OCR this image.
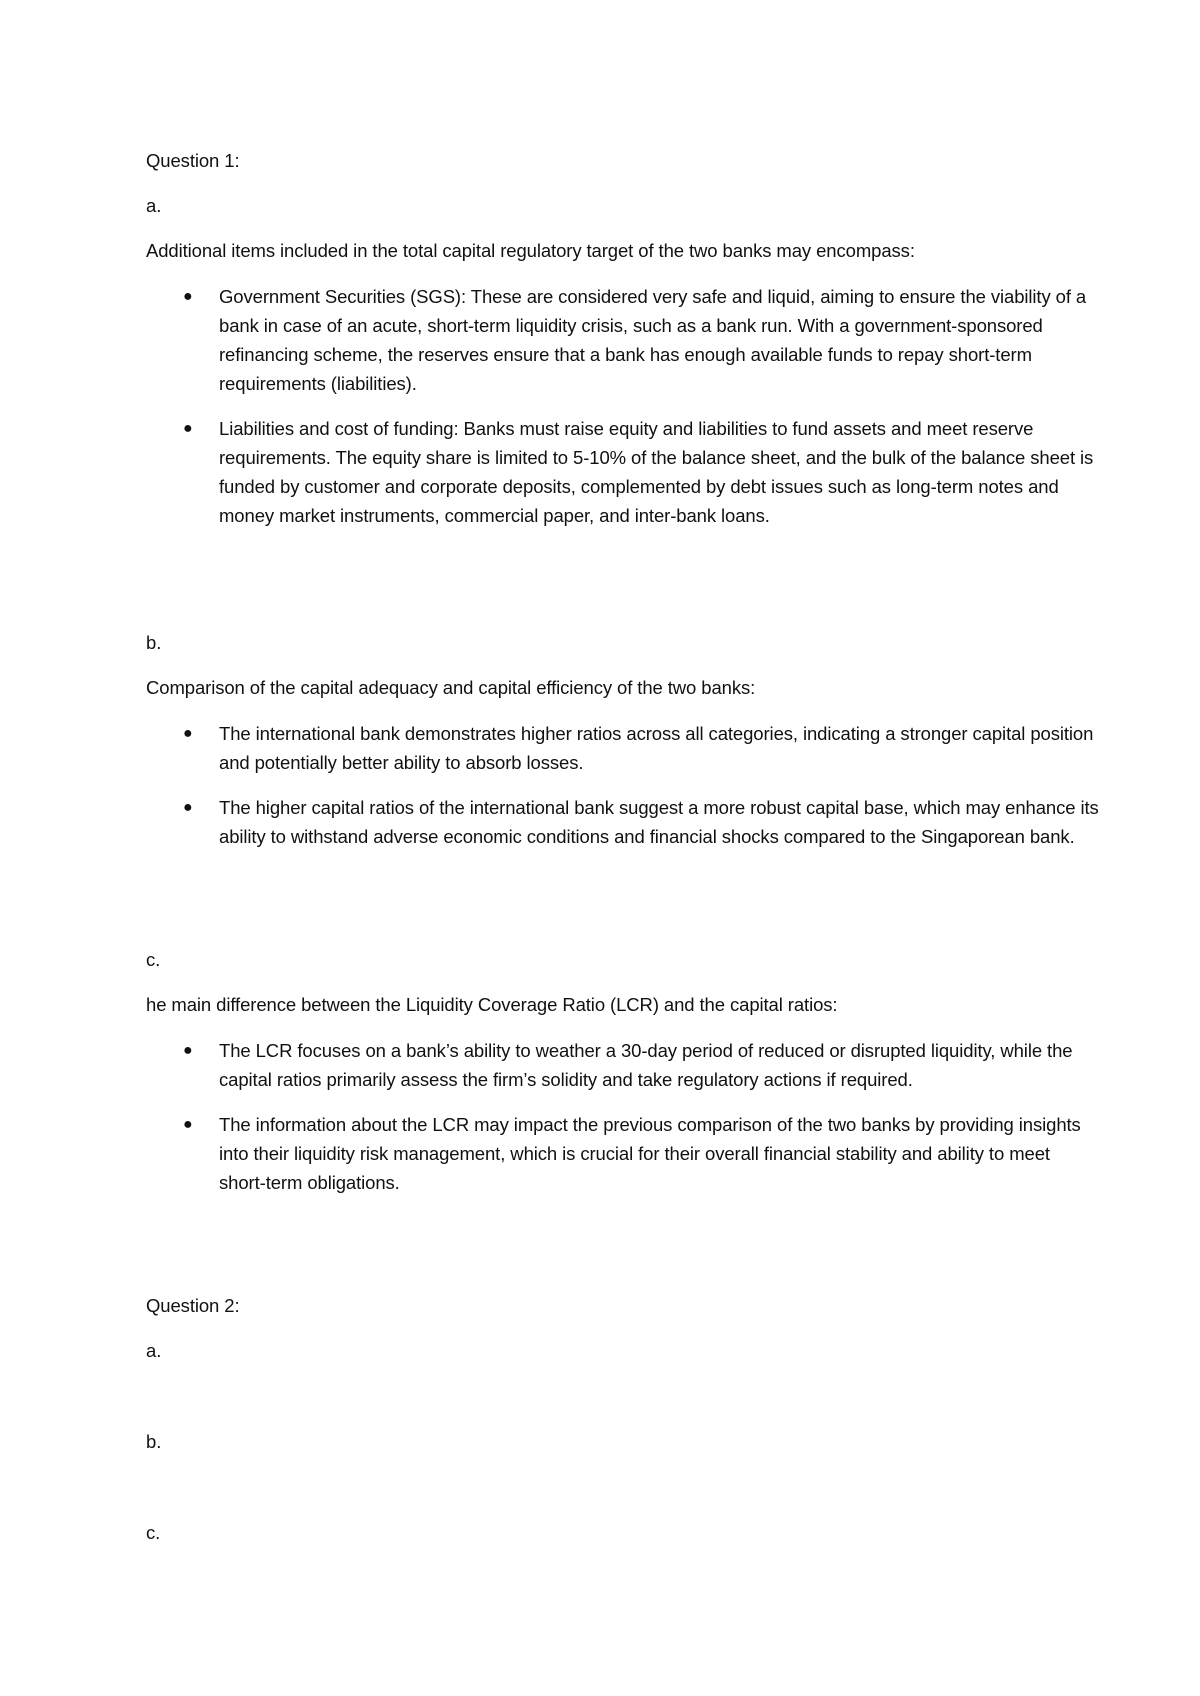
Question 1:
a.
Additional items included in the total capital regulatory target of the two banks may encompass:
● Government Securities (SGS): These are considered very safe and liquid, aiming to ensure the viability of a bank in case of an acute, short-term liquidity crisis, such as a bank run. With a government-sponsored refinancing scheme, the reserves ensure that a bank has enough available funds to repay short-term requirements (liabilities).
● Liabilities and cost of funding: Banks must raise equity and liabilities to fund assets and meet reserve requirements. The equity share is limited to 5-10% of the balance sheet, and the bulk of the balance sheet is funded by customer and corporate deposits, complemented by debt issues such as long-term notes and money market instruments, commercial paper, and inter-bank loans.
b.
Comparison of the capital adequacy and capital efficiency of the two banks:
● The international bank demonstrates higher ratios across all categories, indicating a stronger capital position and potentially better ability to absorb losses.
● The higher capital ratios of the international bank suggest a more robust capital base, which may enhance its ability to withstand adverse economic conditions and financial shocks compared to the Singaporean bank.
c.
he main difference between the Liquidity Coverage Ratio (LCR) and the capital ratios:
● The LCR focuses on a bank’s ability to weather a 30-day period of reduced or disrupted liquidity, while the capital ratios primarily assess the firm’s solidity and take regulatory actions if required.
● The information about the LCR may impact the previous comparison of the two banks by providing insights into their liquidity risk management, which is crucial for their overall financial stability and ability to meet short-term obligations.
Question 2:
a.
b.
c.
